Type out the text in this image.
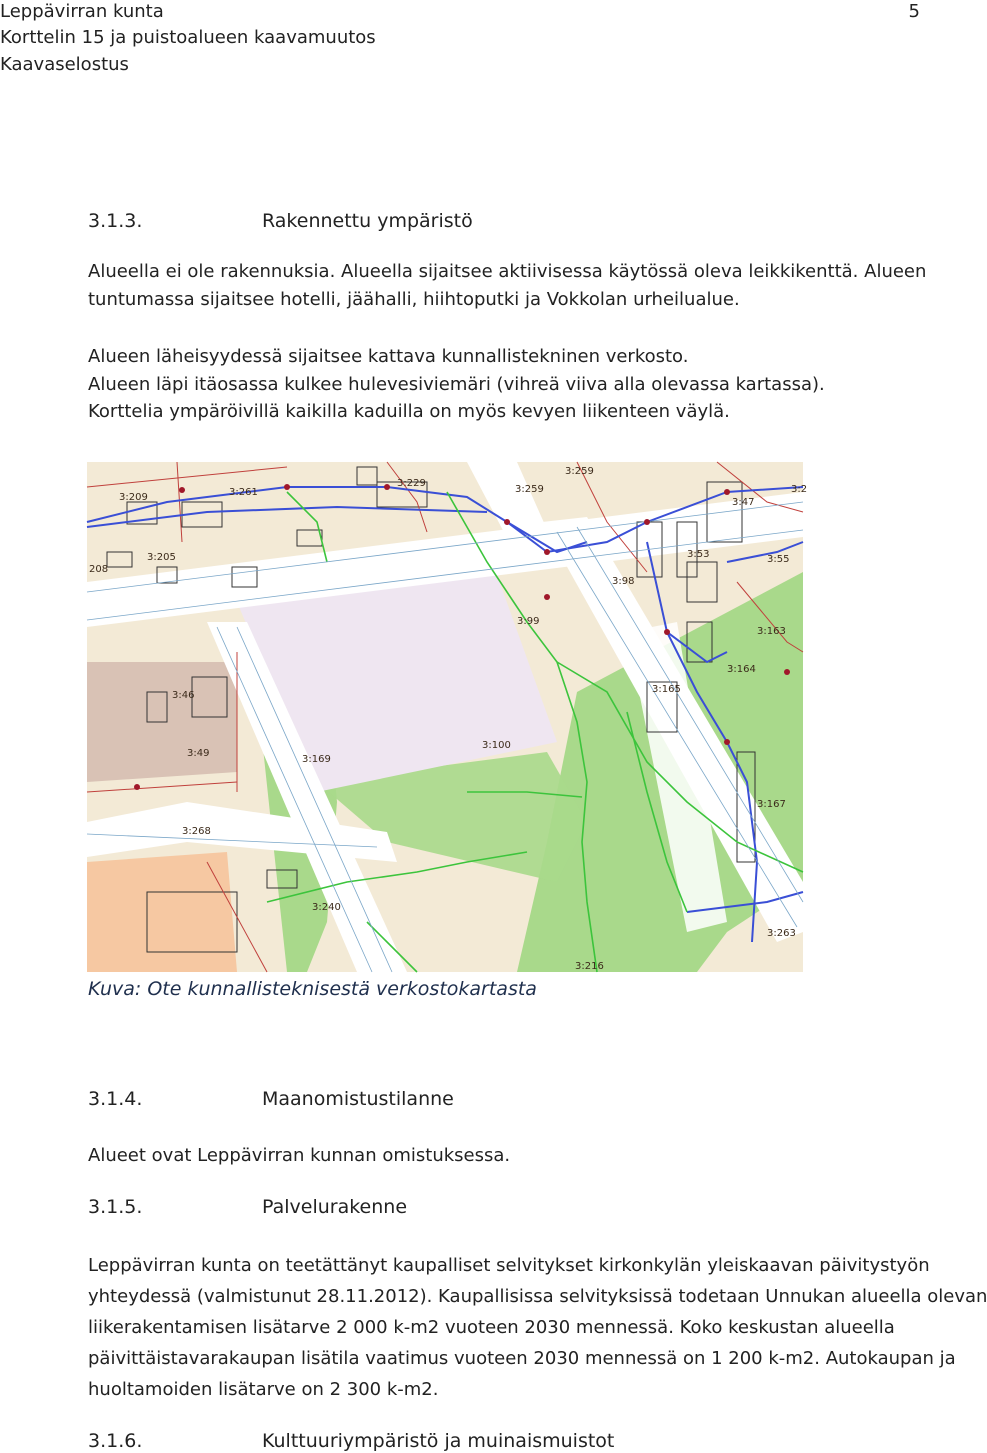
Leppävirran kunta
Korttelin 15 ja puistoalueen kaavamuutos
Kaavaselostus
5
3.1.3.	Rakennettu ympäristö
Alueella ei ole rakennuksia. Alueella sijaitsee aktiivisessa käytössä oleva leikkikenttä. Alueen
tuntumassa sijaitsee hotelli, jäähalli, hiihtoputki ja Vokkolan urheilualue.
Alueen läheisyydessä sijaitsee kattava kunnallistekninen verkosto.
Alueen läpi itäosassa kulkee hulevesiviemäri (vihreä viiva alla olevassa kartassa).
Korttelia ympäröivillä kaikilla kaduilla on myös kevyen liikenteen väylä.
3:209	3:261
3:229
3:259
3:259
3:47
3:2
3:205
208
3:53	3:55
3:98
3:99
3:163
3:164
3:46
3:165
3:100
3:49
3:169
3:167
3:268
3:240
3:263
3:216
Kuva: Ote kunnallisteknisestä verkostokartasta
3.1.4.	Maanomistustilanne
Alueet ovat Leppävirran kunnan omistuksessa.
3.1.5.	Palvelurakenne
Leppävirran kunta on teetättänyt kaupalliset selvitykset kirkonkylän yleiskaavan päivitystyön
yhteydessä (valmistunut 28.11.2012). Kaupallisissa selvityksissä todetaan Unnukan alueella olevan
liikerakentamisen lisätarve 2 000 k-m2 vuoteen 2030 mennessä. Koko keskustan alueella
päivittäistavarakaupan lisätila vaatimus vuoteen 2030 mennessä on 1 200 k-m2. Autokaupan ja
huoltamoiden lisätarve on 2 300 k-m2.
3.1.6.	Kulttuuriympäristö ja muinaismuistot
